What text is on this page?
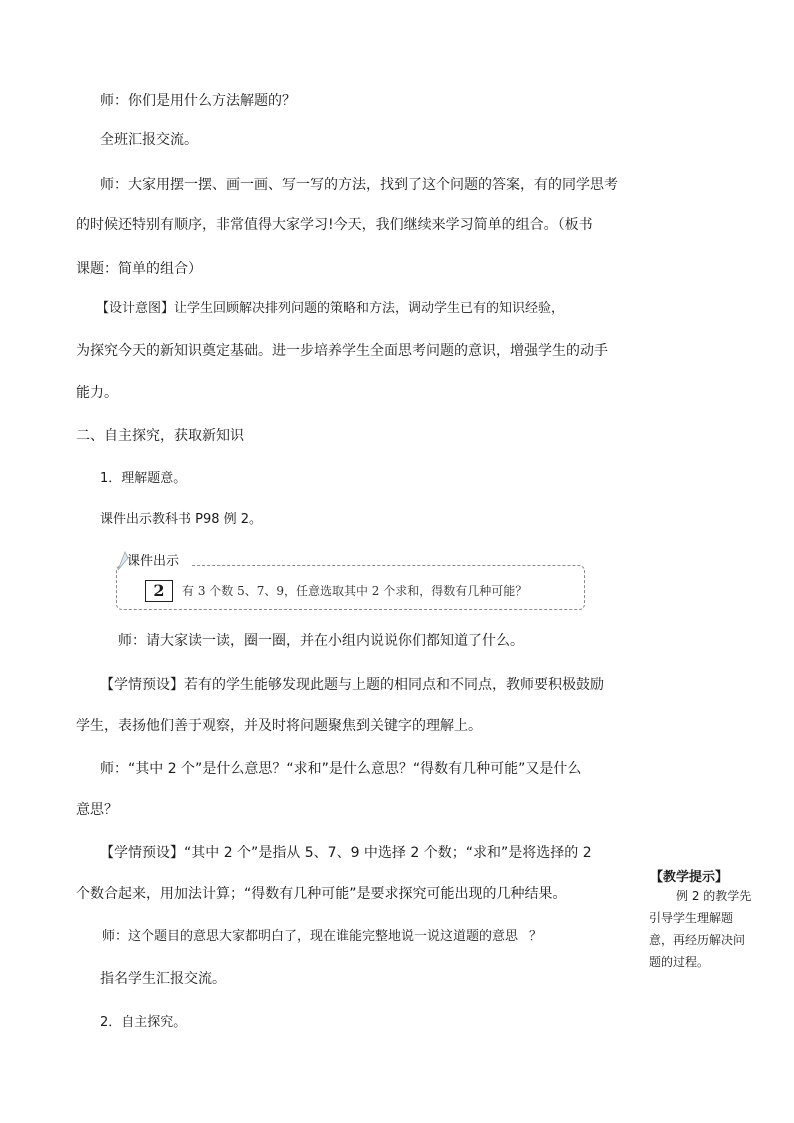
师：你们是用什么方法解题的？
全班汇报交流。
师：大家用摆一摆、画一画、写一写的方法，找到了这个问题的答案，有的同学思考
的时候还特别有顺序，非常值得大家学习!今天，我们继续来学习简单的组合。（板书
课题：简单的组合）
【设计意图】让学生回顾解决排列问题的策略和方法，调动学生已有的知识经验，
为探究今天的新知识奠定基础。进一步培养学生全面思考问题的意识，增强学生的动手
能力。
二、自主探究，获取新知识
1．理解题意。
课件出示教科书 P98 例 2。
课件出示
2	有 3 个数 5、7、9，任意选取其中 2 个求和，得数有几种可能？
师：请大家读一读，圈一圈，并在小组内说说你们都知道了什么。
【学情预设】若有的学生能够发现此题与上题的相同点和不同点，教师要积极鼓励
学生，表扬他们善于观察，并及时将问题聚焦到关键字的理解上。
师：“其中 2 个”是什么意思？“求和”是什么意思？“得数有几种可能”又是什么
意思？
【学情预设】“其中 2 个”是指从 5、7、9 中选择 2 个数；“求和”是将选择的 2
个数合起来，用加法计算；“得数有几种可能”是要求探究可能出现的几种结果。
师：这个题目的意思大家都明白了，现在谁能完整地说一说这道题的意思 ？
指名学生汇报交流。
2．自主探究。
【教学提示】
例 2 的教学先
引导学生理解题
意，再经历解决问
题的过程。
